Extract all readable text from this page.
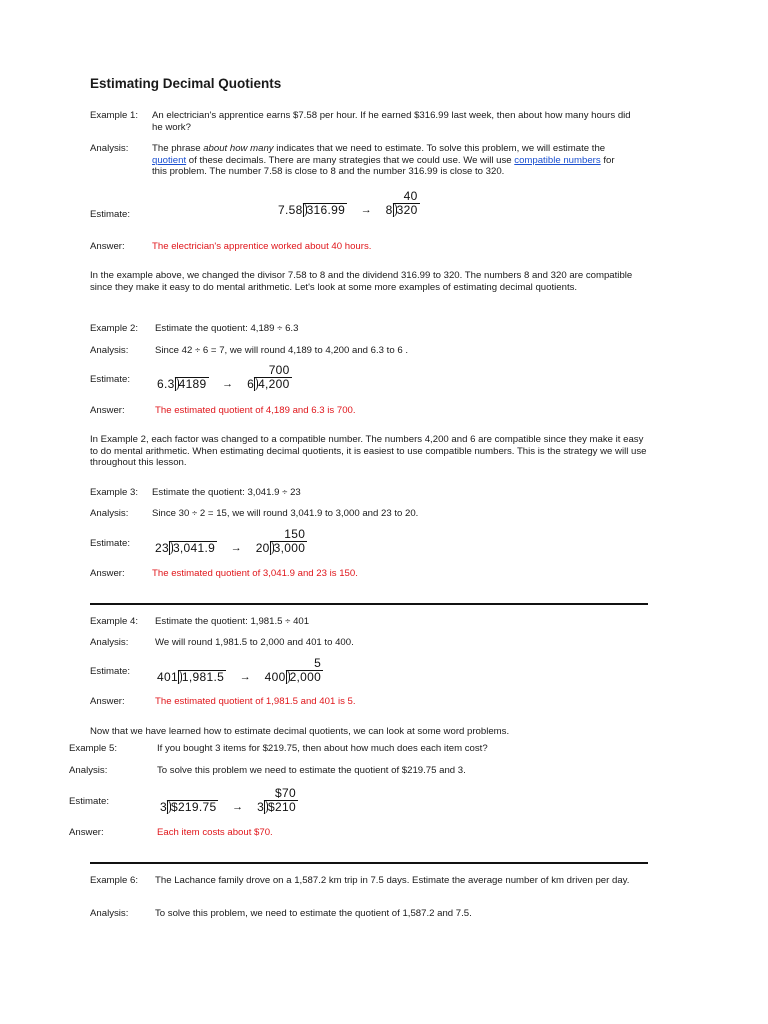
Estimating Decimal Quotients
Example 1: An electrician's apprentice earns $7.58 per hour. If he earned $316.99 last week, then about how many hours did he work?
Analysis: The phrase about how many indicates that we need to estimate. To solve this problem, we will estimate the quotient of these decimals. There are many strategies that we could use. We will use compatible numbers for this problem. The number 7.58 is close to 8 and the number 316.99 is close to 320.
Estimate:	7.58 316.99 →
40
8 320
Answer:	The electrician's apprentice worked about 40 hours.
In the example above, we changed the divisor 7.58 to 8 and the dividend 316.99 to 320. The numbers 8 and 320 are compatible since they make it easy to do mental arithmetic. Let's look at some more examples of estimating decimal quotients.
Example 2: Estimate the quotient: 4,189 ÷ 6.3
Analysis:	Since 42 ÷ 6 = 7, we will round 4,189 to 4,200 and 6.3 to 6 .
Estimate: 6.3 4189 →
700
6 4,200
Answer:	The estimated quotient of 4,189 and 6.3 is 700.
In Example 2, each factor was changed to a compatible number. The numbers 4,200 and 6 are compatible since they make it easy to do mental arithmetic. When estimating decimal quotients, it is easiest to use compatible numbers. This is the strategy we will use throughout this lesson.
Example 3: Estimate the quotient: 3,041.9 ÷ 23
Analysis: Since 30 ÷ 2 = 15, we will round 3,041.9 to 3,000 and 23 to 20.
Estimate: 23 3,041.9 →
150
20 3,000
Answer:	The estimated quotient of 3,041.9 and 23 is 150.
Example 4: Estimate the quotient: 1,981.5 ÷ 401
Analysis:	We will round 1,981.5 to 2,000 and 401 to 400.
Estimate: 401 1,981.5 →
5
400 2,000
Answer:	The estimated quotient of 1,981.5 and 401 is 5.
Now that we have learned how to estimate decimal quotients, we can look at some word problems.
Example 5:	If you bought 3 items for $219.75, then about how much does each item cost?
Analysis:	To solve this problem we need to estimate the quotient of $219.75 and 3.
Estimate:	3 $219.75 →
$70
3 $210
Answer:	Each item costs about $70.
Example 6: The Lachance family drove on a 1,587.2 km trip in 7.5 days. Estimate the average number of km driven per day.
Analysis:	To solve this problem, we need to estimate the quotient of 1,587.2 and 7.5.
